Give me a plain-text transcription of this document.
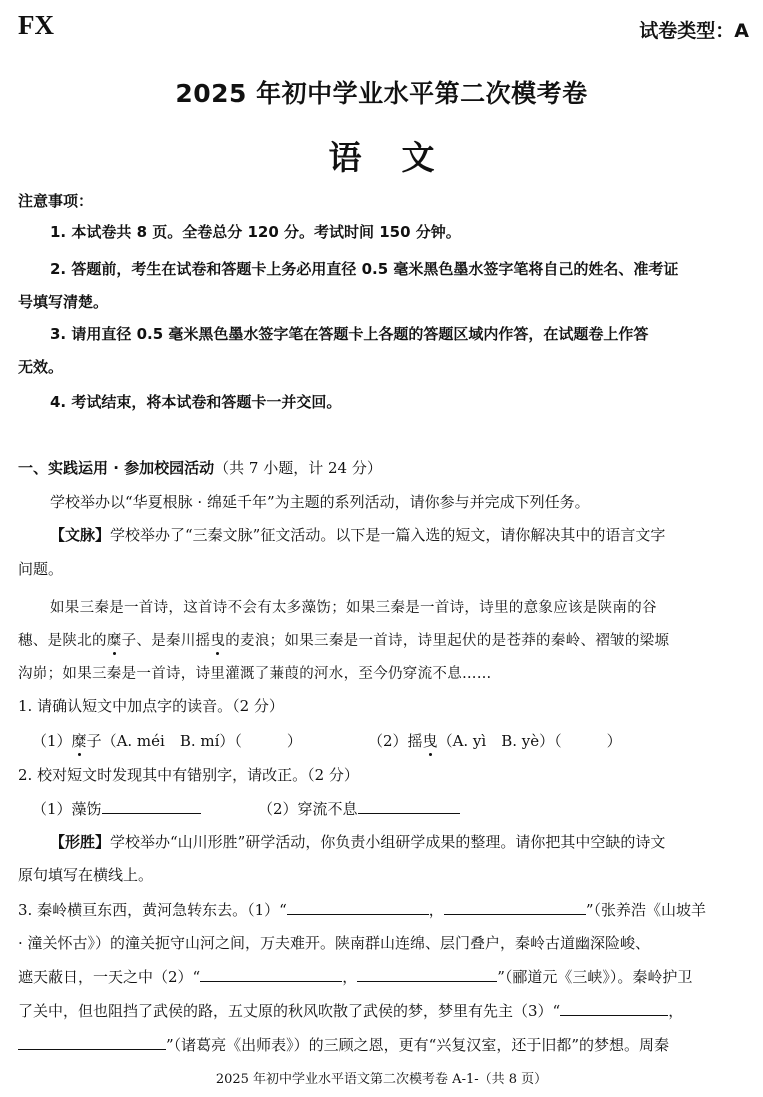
FX	试卷类型：A
2025 年初中学业水平第二次模考卷
语文
注意事项：
1. 本试卷共 8 页。全卷总分 120 分。考试时间 150 分钟。
2. 答题前，考生在试卷和答题卡上务必用直径 0.5 毫米黑色墨水签字笔将自己的姓名、准考证
号填写清楚。
3. 请用直径 0.5 毫米黑色墨水签字笔在答题卡上各题的答题区域内作答，在试题卷上作答
无效。
4. 考试结束，将本试卷和答题卡一并交回。
一、实践运用 · 参加校园活动（共 7 小题，计 24 分）
学校举办以“华夏根脉 · 绵延千年”为主题的系列活动，请你参与并完成下列任务。
【文脉】学校举办了“三秦文脉”征文活动。以下是一篇入选的短文，请你解决其中的语言文字
问题。
如果三秦是一首诗，这首诗不会有太多藻饬；如果三秦是一首诗，诗里的意象应该是陕南的谷
穗、是陕北的糜子、是秦川摇曳的麦浪；如果三秦是一首诗，诗里起伏的是苍莽的秦岭、褶皱的梁塬
沟峁；如果三秦是一首诗，诗里灌溉了蒹葭的河水，至今仍穿流不息……
1. 请确认短文中加点字的读音。（2 分）
（1）糜子（A. méi　B. mí）（　　　）	（2）摇曳（A. yì　B. yè）（　　　）
2. 校对短文时发现其中有错别字，请改正。（2 分）
（1）藻饬	（2）穿流不息
【形胜】学校举办“山川形胜”研学活动，你负责小组研学成果的整理。请你把其中空缺的诗文
原句填写在横线上。
3. 秦岭横亘东西，黄河急转东去。（1）“	，	”（张养浩《山坡羊
· 潼关怀古》）的潼关扼守山河之间，万夫难开。陕南群山连绵、层门叠户，秦岭古道幽深险峻、
遮天蔽日，一天之中（2）“	，	”（郦道元《三峡》）。秦岭护卫
了关中，但也阻挡了武侯的路，五丈原的秋风吹散了武侯的梦，梦里有先主（3）“	，
”（诸葛亮《出师表》）的三顾之恩，更有“兴复汉室，还于旧都”的梦想。周秦
2025 年初中学业水平语文第二次模考卷 A-1-（共 8 页）
